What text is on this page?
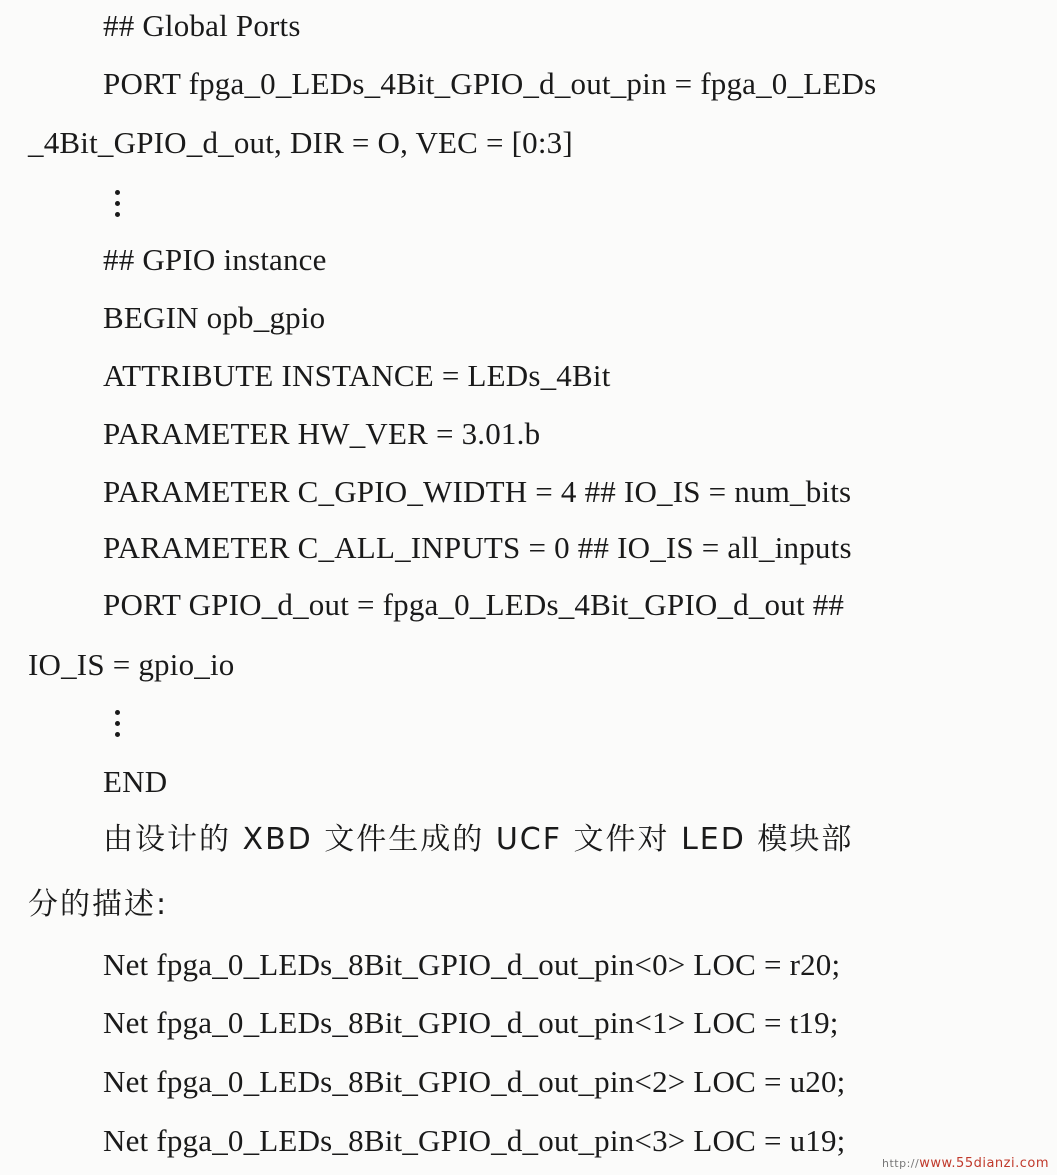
## Global Ports
PORT fpga_0_LEDs_4Bit_GPIO_d_out_pin = fpga_0_LEDs
_4Bit_GPIO_d_out, DIR = O, VEC = [0:3]
## GPIO instance
BEGIN opb_gpio
ATTRIBUTE INSTANCE = LEDs_4Bit
PARAMETER HW_VER = 3.01.b
PARAMETER C_GPIO_WIDTH = 4 ## IO_IS = num_bits
PARAMETER C_ALL_INPUTS = 0 ## IO_IS = all_inputs
PORT GPIO_d_out = fpga_0_LEDs_4Bit_GPIO_d_out ##
IO_IS = gpio_io
END
由设计的 XBD 文件生成的 UCF 文件对 LED 模块部
分的描述:
Net fpga_0_LEDs_8Bit_GPIO_d_out_pin<0> LOC = r20;
Net fpga_0_LEDs_8Bit_GPIO_d_out_pin<1> LOC = t19;
Net fpga_0_LEDs_8Bit_GPIO_d_out_pin<2> LOC = u20;
Net fpga_0_LEDs_8Bit_GPIO_d_out_pin<3> LOC = u19;
http://www.55dianzi.com
